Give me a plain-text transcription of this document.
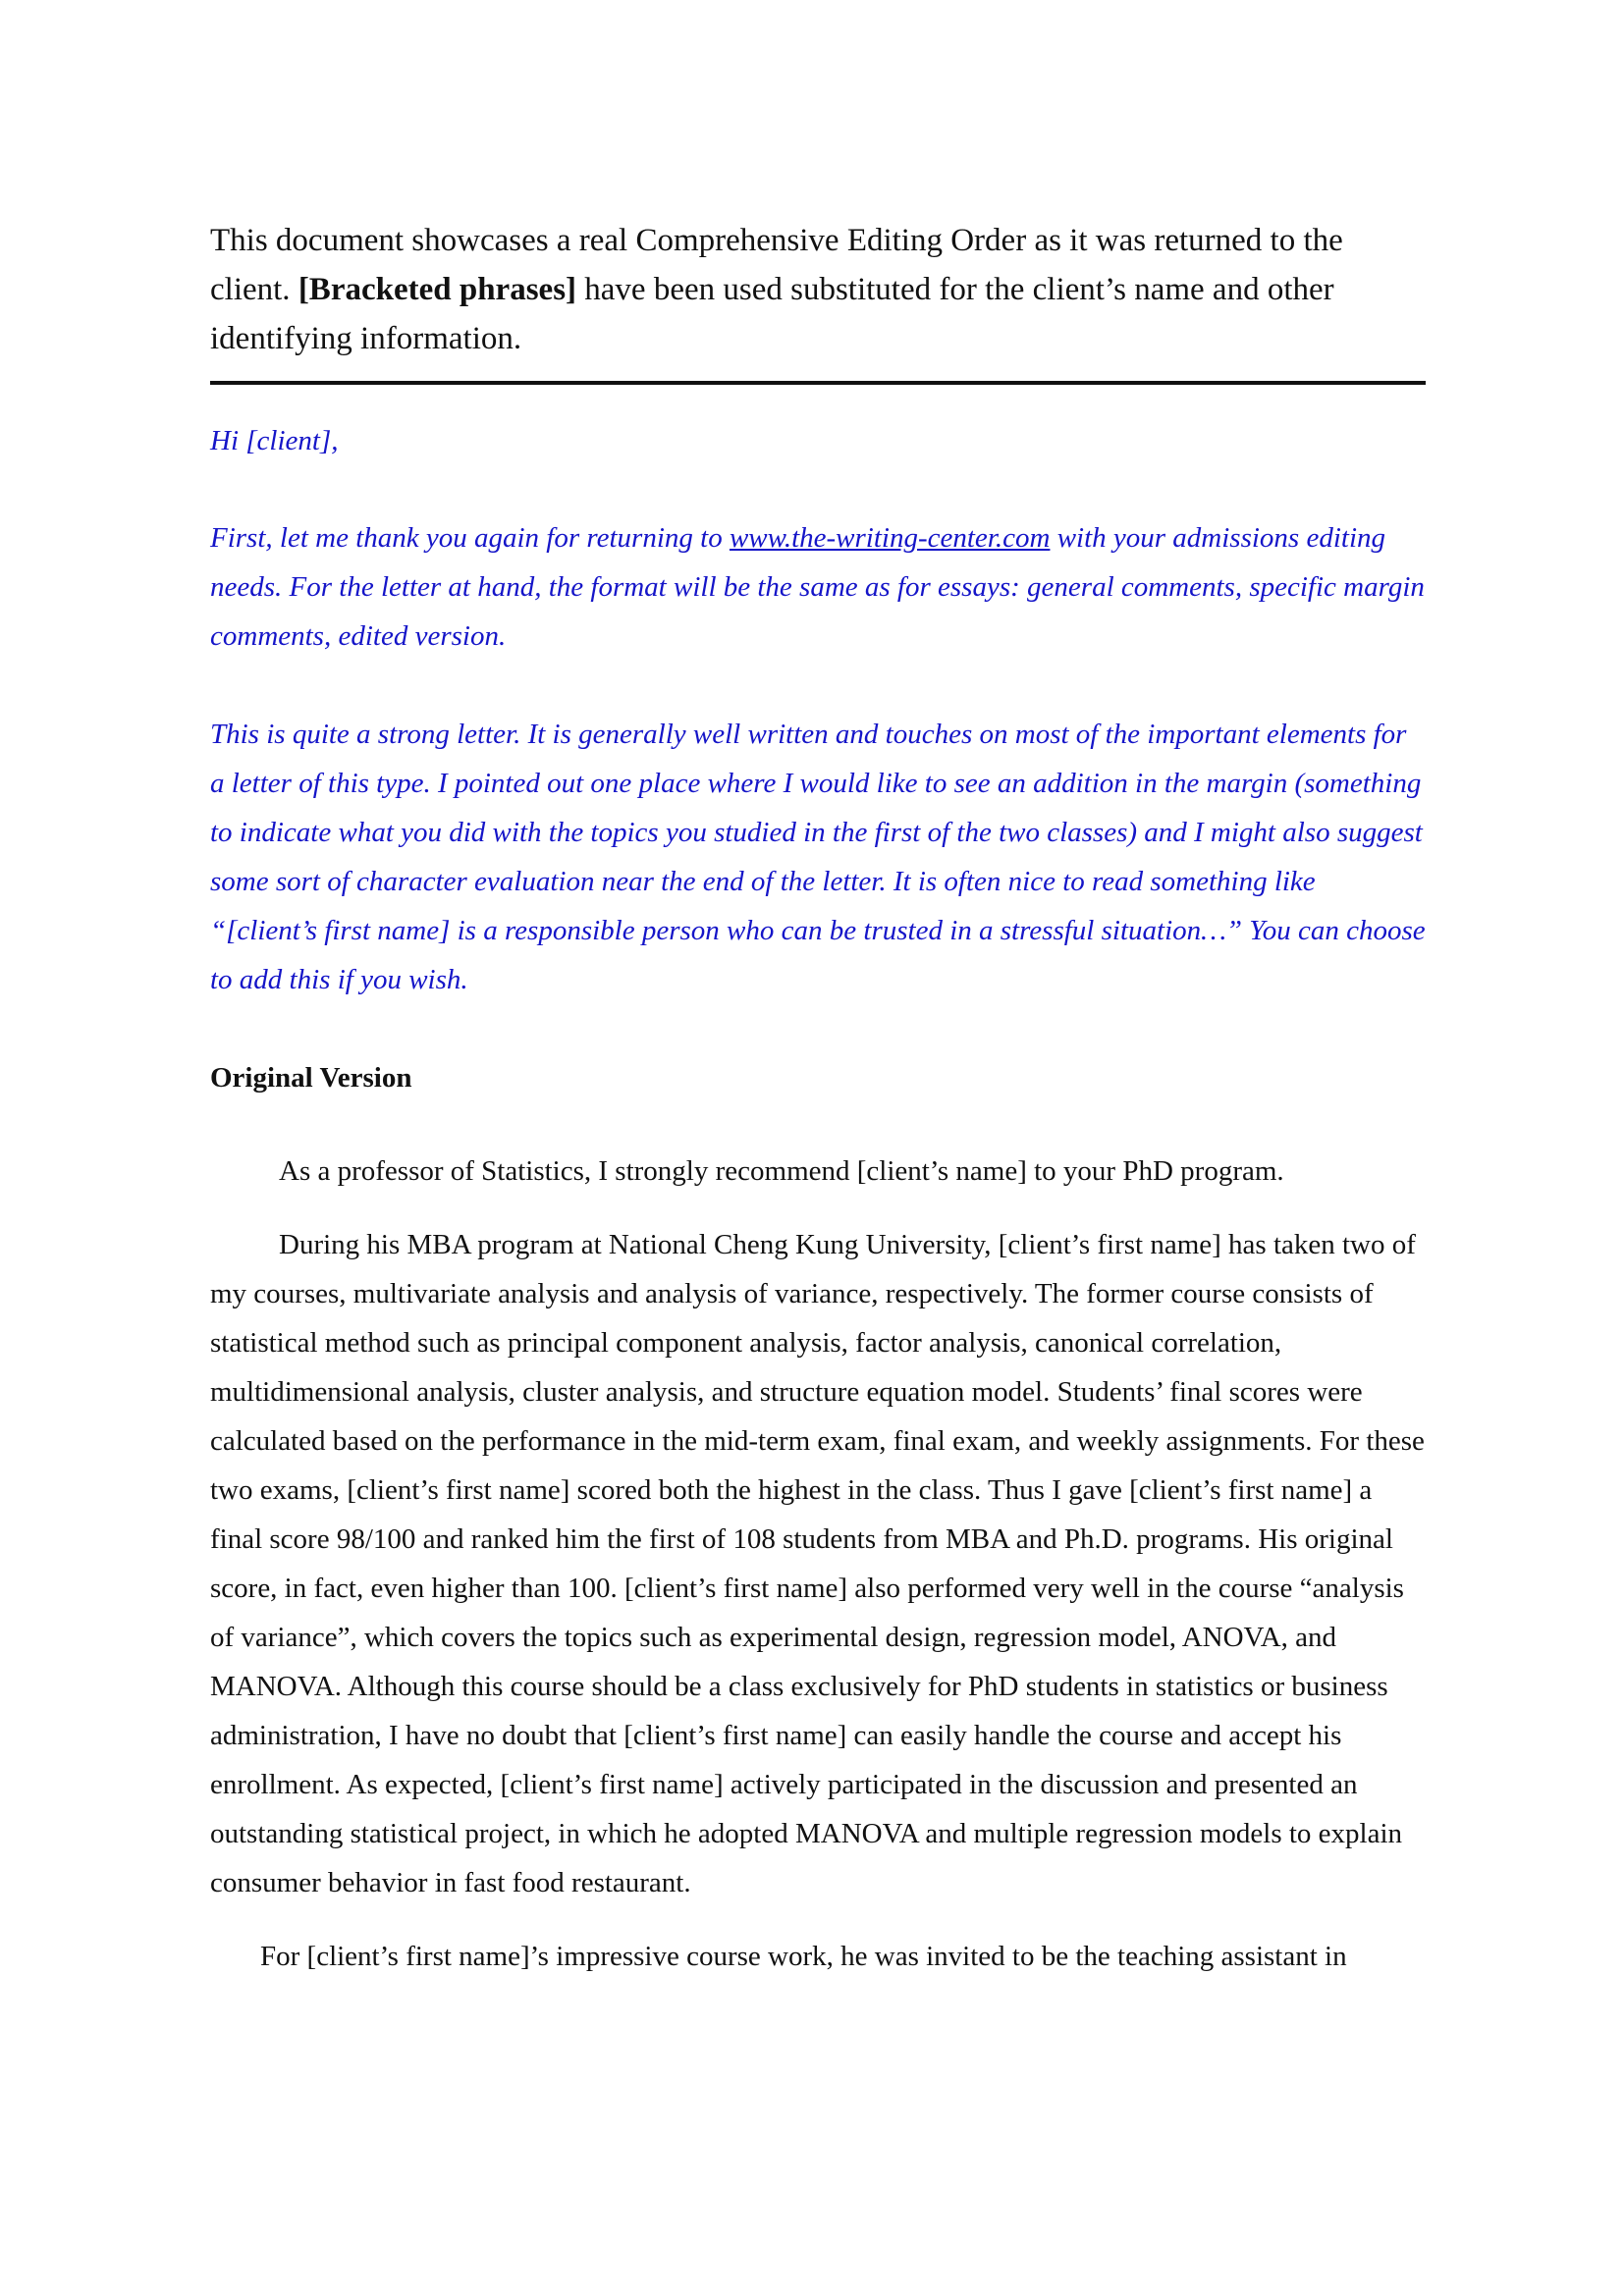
This document showcases a real Comprehensive Editing Order as it was returned to the client. [Bracketed phrases] have been used substituted for the client’s name and other identifying information.

Hi [client],

First, let me thank you again for returning to www.the-writing-center.com with your admissions editing needs. For the letter at hand, the format will be the same as for essays: general comments, specific margin comments, edited version.

This is quite a strong letter. It is generally well written and touches on most of the important elements for a letter of this type. I pointed out one place where I would like to see an addition in the margin (something to indicate what you did with the topics you studied in the first of the two classes) and I might also suggest some sort of character evaluation near the end of the letter. It is often nice to read something like “[client’s first name] is a responsible person who can be trusted in a stressful situation…” You can choose to add this if you wish.

Original Version

As a professor of Statistics, I strongly recommend [client’s name] to your PhD program.

During his MBA program at National Cheng Kung University, [client’s first name] has taken two of my courses, multivariate analysis and analysis of variance, respectively. The former course consists of statistical method such as principal component analysis, factor analysis, canonical correlation, multidimensional analysis, cluster analysis, and structure equation model. Students’ final scores were calculated based on the performance in the mid-term exam, final exam, and weekly assignments. For these two exams, [client’s first name] scored both the highest in the class. Thus I gave [client’s first name] a final score 98/100 and ranked him the first of 108 students from MBA and Ph.D. programs. His original score, in fact, even higher than 100. [client’s first name] also performed very well in the course “analysis of variance”, which covers the topics such as experimental design, regression model, ANOVA, and MANOVA. Although this course should be a class exclusively for PhD students in statistics or business administration, I have no doubt that [client’s first name] can easily handle the course and accept his enrollment. As expected, [client’s first name] actively participated in the discussion and presented an outstanding statistical project, in which he adopted MANOVA and multiple regression models to explain consumer behavior in fast food restaurant.

For [client’s first name]’s impressive course work, he was invited to be the teaching assistant in
